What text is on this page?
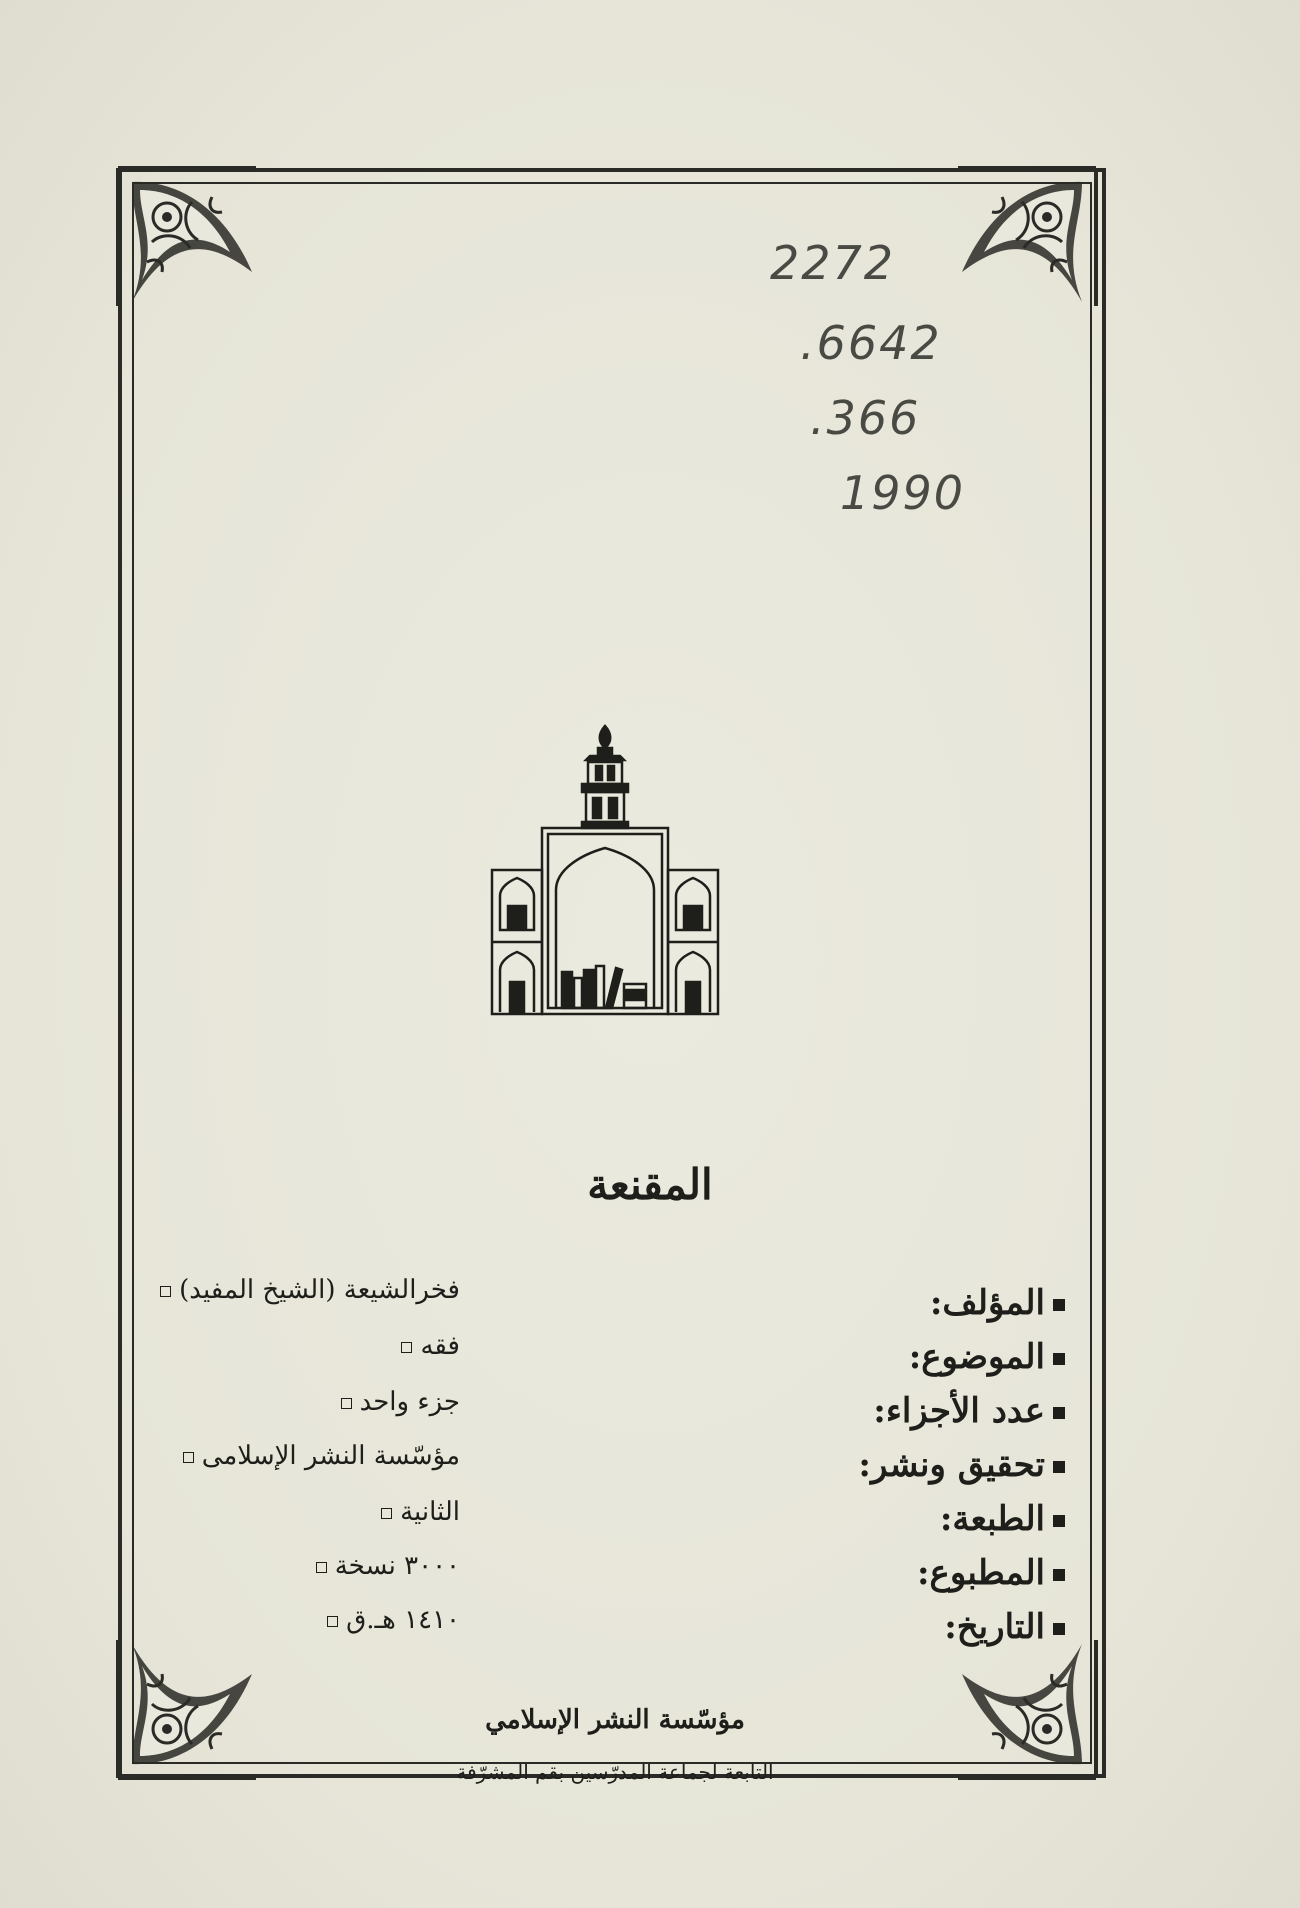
2272
.6642
.366
1990
المقنعة
المؤلف:
فخرالشيعة (الشيخ المفيد)
الموضوع:
فقه
عدد الأجزاء:
جزء واحد
تحقيق ونشر:
مؤسّسة النشر الإسلامى
الطبعة:
الثانية
المطبوع:
٣٠٠٠ نسخة
التاريخ:
١٤١٠ هـ.ق
مؤسّسة النشر الإسلامي
التابعة لجماعة المدرّسين بقم المشرّفة
